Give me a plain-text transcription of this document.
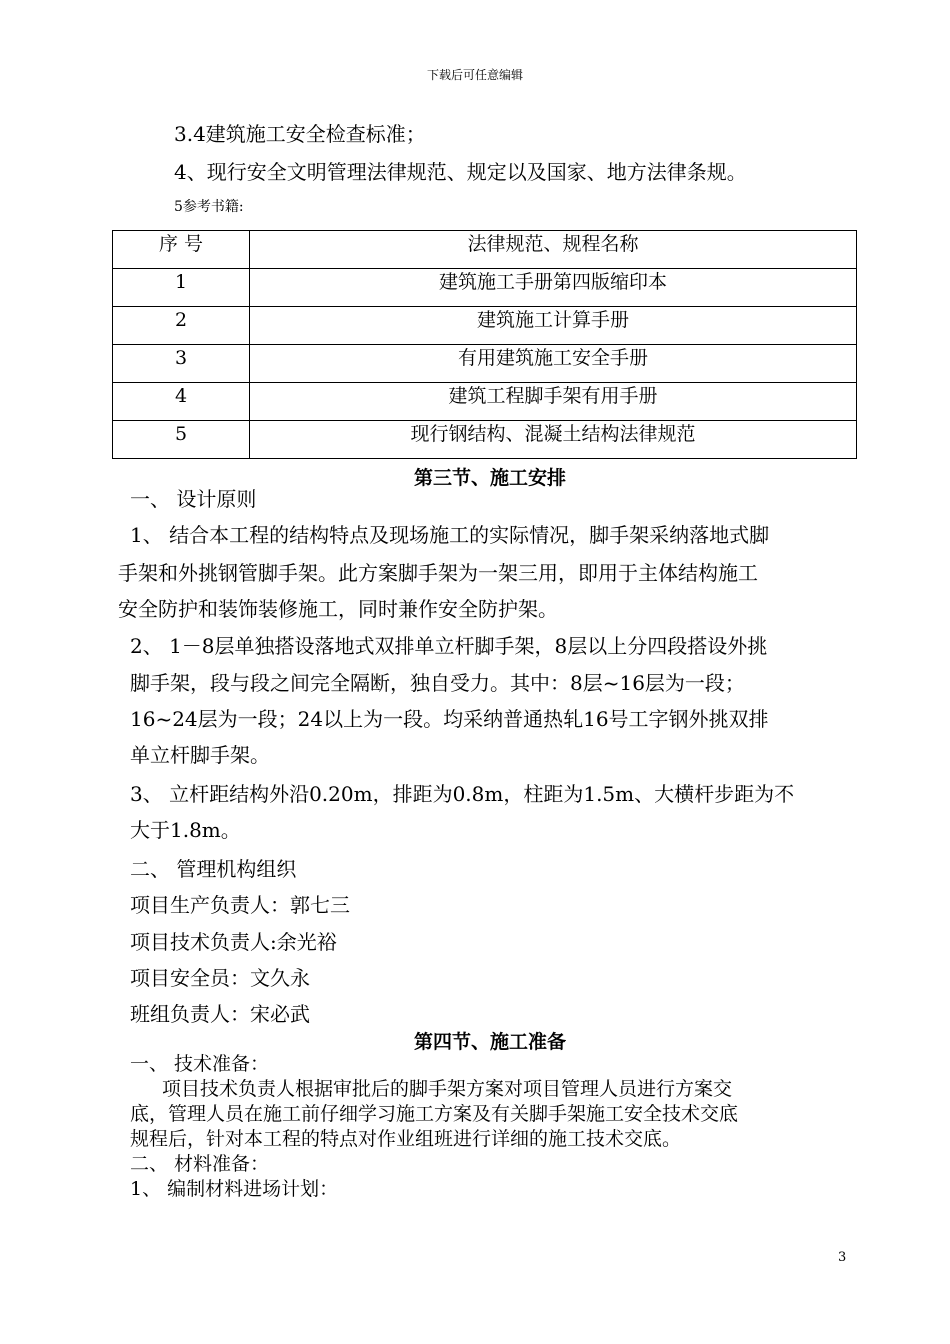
下载后可任意编辑
3.4建筑施工安全检查标准；
4、现行安全文明管理法律规范、规定以及国家、地方法律条规。
5参考书籍:
序 号	法律规范、规程名称
1	建筑施工手册第四版缩印本
2	建筑施工计算手册
3	有用建筑施工安全手册
4	建筑工程脚手架有用手册
5	现行钢结构、混凝土结构法律规范
第三节、施工安排
一、 设计原则
1、 结合本工程的结构特点及现场施工的实际情况，脚手架采纳落地式脚
手架和外挑钢管脚手架。此方案脚手架为一架三用，即用于主体结构施工
安全防护和装饰装修施工，同时兼作安全防护架。
2、 1－8层单独搭设落地式双排单立杆脚手架，8层以上分四段搭设外挑
脚手架，段与段之间完全隔断，独自受力。其中：8层~16层为一段；
16~24层为一段；24以上为一段。均采纳普通热轧16号工字钢外挑双排
单立杆脚手架。
3、 立杆距结构外沿0.20m，排距为0.8m，柱距为1.5m、大横杆步距为不
大于1.8m。
二、 管理机构组织
项目生产负责人：郭七三
项目技术负责人:余光裕
项目安全员：文久永
班组负责人：宋必武
第四节、施工准备
一、 技术准备：
项目技术负责人根据审批后的脚手架方案对项目管理人员进行方案交
底，管理人员在施工前仔细学习施工方案及有关脚手架施工安全技术交底
规程后，针对本工程的特点对作业组班进行详细的施工技术交底。
二、 材料准备：
1、 编制材料进场计划：
3
